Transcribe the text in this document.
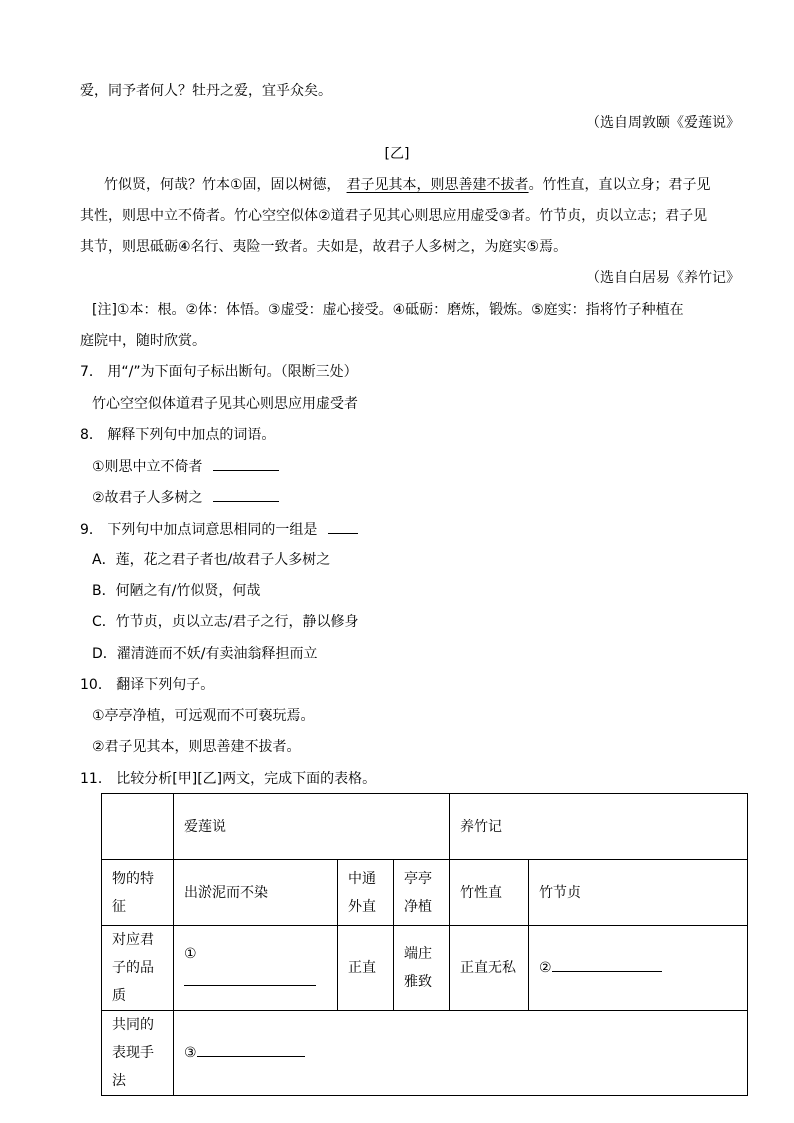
爱，同予者何人？牡丹之爱，宜乎众矣。
（选自周敦颐《爱莲说》
[乙]
竹似贤，何哉？竹本①固，固以树德， 君子见其本，则思善建不拔者。竹性直，直以立身；君子见
其性，则思中立不倚者。竹心空空似体②道君子见其心则思应用虚受③者。竹节贞，贞以立志；君子见
其节，则思砥砺④名行、夷险一致者。夫如是，故君子人多树之，为庭实⑤焉。
（选自白居易《养竹记》
[注]①本：根。②体：体悟。③虚受：虚心接受。④砥砺：磨炼，锻炼。⑤庭实：指将竹子种植在
庭院中，随时欣赏。
7． 用“/”为下面句子标出断句。（限断三处）
竹心空空似体道君子见其心则思应用虚受者
8． 解释下列句中加点的词语。
①则思中立不倚者
②故君子人多树之
9． 下列句中加点词意思相同的一组是
A．莲，花之君子者也/故君子人多树之
B．何陋之有/竹似贤，何哉
C．竹节贞，贞以立志/君子之行，静以修身
D．濯清涟而不妖/有卖油翁释担而立
10． 翻译下列句子。
①亭亭净植，可远观而不可亵玩焉。
②君子见其本，则思善建不拔者。
11． 比较分析[甲][乙]两文，完成下面的表格。
	爱莲说			养竹记	
物的特征	出淤泥而不染	中通外直	亭亭净植	竹性直	竹节贞
对应君子的品质	①	正直	端庄雅致	正直无私	②
共同的表现手法	③				
